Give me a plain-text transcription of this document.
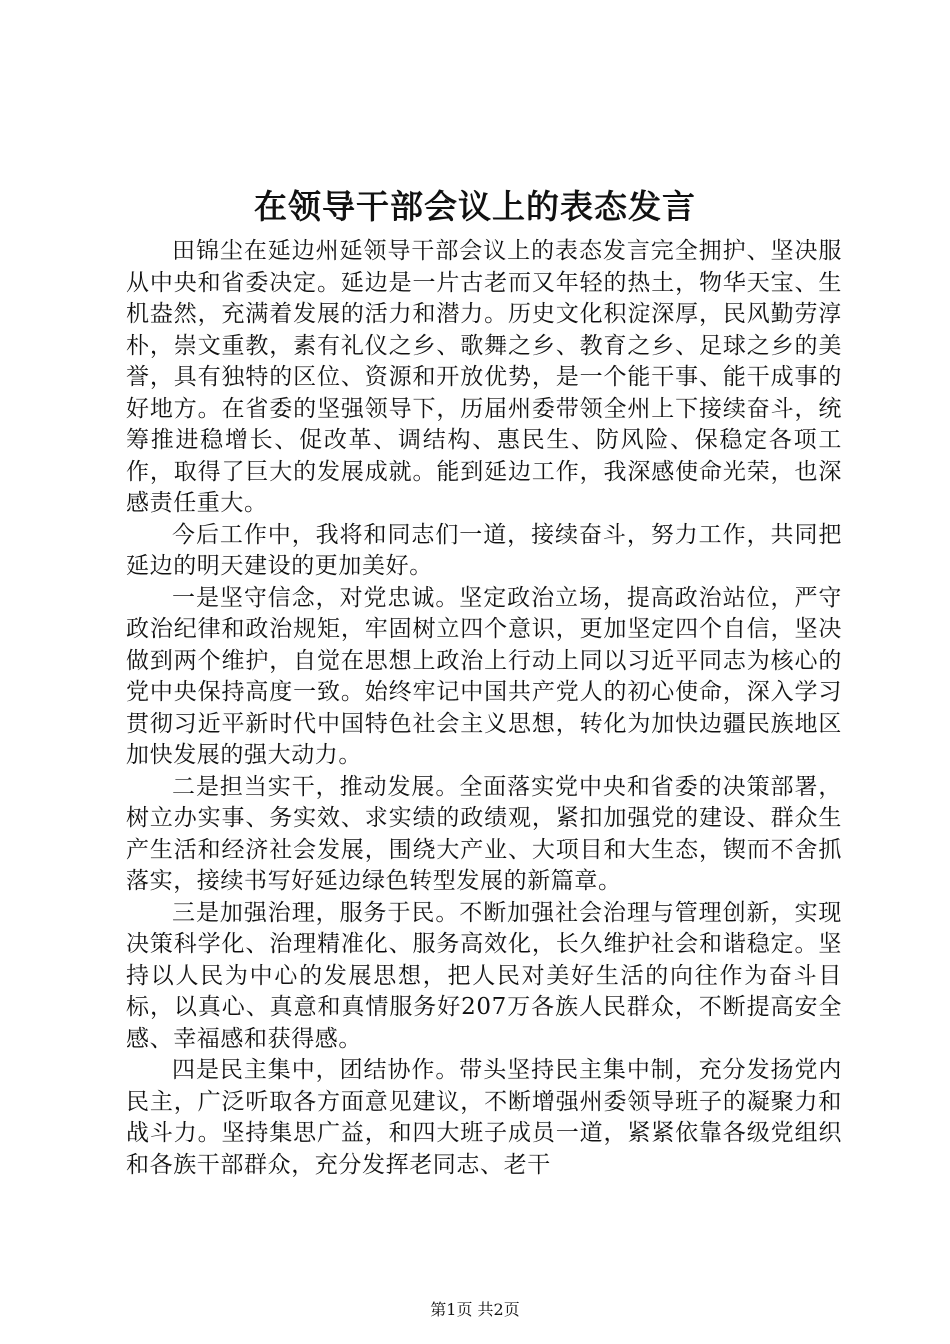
在领导干部会议上的表态发言

田锦尘在延边州延领导干部会议上的表态发言完全拥护、坚决服从中央和省委决定。延边是一片古老而又年轻的热土，物华天宝、生机盎然，充满着发展的活力和潜力。历史文化积淀深厚，民风勤劳淳朴，崇文重教，素有礼仪之乡、歌舞之乡、教育之乡、足球之乡的美誉，具有独特的区位、资源和开放优势，是一个能干事、能干成事的好地方。在省委的坚强领导下，历届州委带领全州上下接续奋斗，统筹推进稳增长、促改革、调结构、惠民生、防风险、保稳定各项工作，取得了巨大的发展成就。能到延边工作，我深感使命光荣，也深感责任重大。

今后工作中，我将和同志们一道，接续奋斗，努力工作，共同把延边的明天建设的更加美好。

一是坚守信念，对党忠诚。坚定政治立场，提高政治站位，严守政治纪律和政治规矩，牢固树立四个意识，更加坚定四个自信，坚决做到两个维护，自觉在思想上政治上行动上同以习近平同志为核心的党中央保持高度一致。始终牢记中国共产党人的初心使命，深入学习贯彻习近平新时代中国特色社会主义思想，转化为加快边疆民族地区加快发展的强大动力。

二是担当实干，推动发展。全面落实党中央和省委的决策部署，树立办实事、务实效、求实绩的政绩观，紧扣加强党的建设、群众生产生活和经济社会发展，围绕大产业、大项目和大生态，锲而不舍抓落实，接续书写好延边绿色转型发展的新篇章。

三是加强治理，服务于民。不断加强社会治理与管理创新，实现决策科学化、治理精准化、服务高效化，长久维护社会和谐稳定。坚持以人民为中心的发展思想，把人民对美好生活的向往作为奋斗目标，以真心、真意和真情服务好207万各族人民群众，不断提高安全感、幸福感和获得感。

四是民主集中，团结协作。带头坚持民主集中制，充分发扬党内民主，广泛听取各方面意见建议，不断增强州委领导班子的凝聚力和战斗力。坚持集思广益，和四大班子成员一道，紧紧依靠各级党组织和各族干部群众，充分发挥老同志、老干

第1页 共2页
